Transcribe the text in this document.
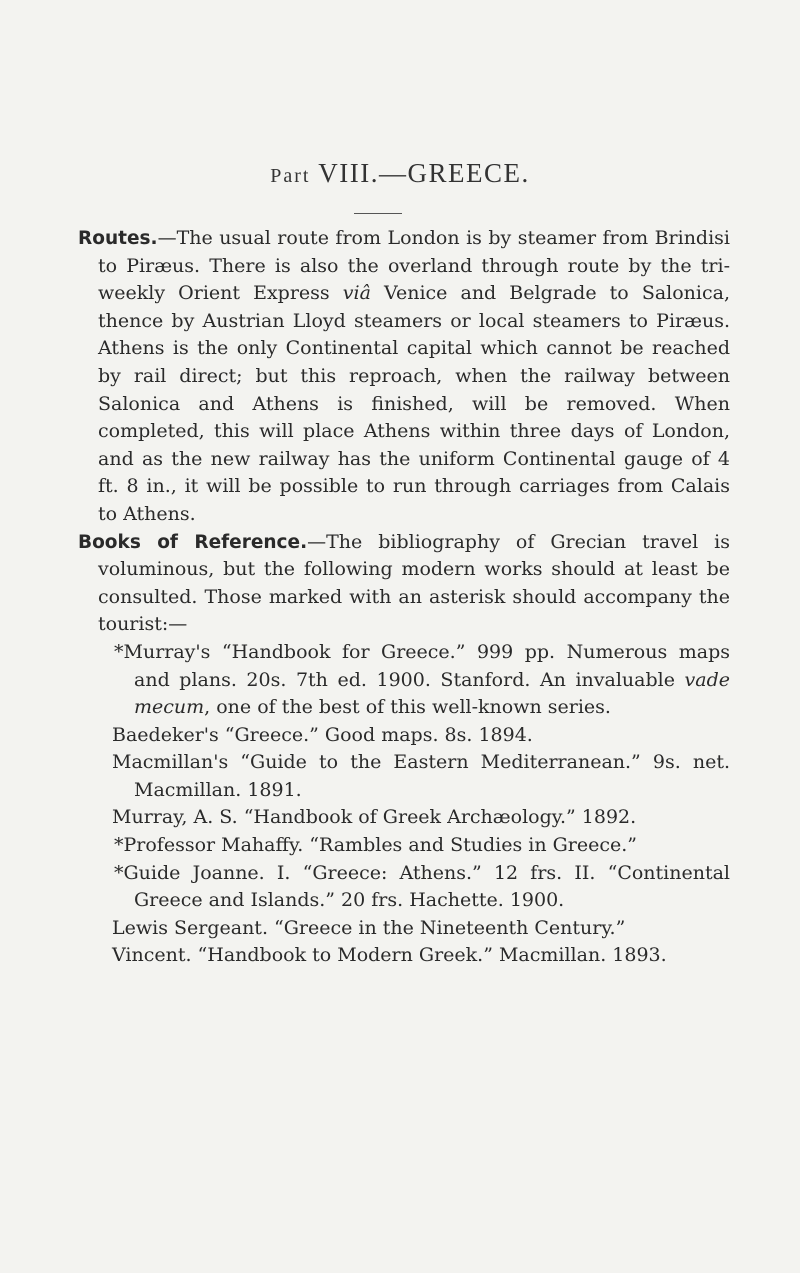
Part VIII.—GREECE.

Routes.—The usual route from London is by steamer from Brindisi to Piræus. There is also the overland through route by the tri-weekly Orient Express viâ Venice and Belgrade to Salonica, thence by Austrian Lloyd steamers or local steamers to Piræus. Athens is the only Continental capital which cannot be reached by rail direct; but this reproach, when the railway between Salonica and Athens is finished, will be removed. When completed, this will place Athens within three days of London, and as the new railway has the uniform Continental gauge of 4 ft. 8 in., it will be possible to run through carriages from Calais to Athens.

Books of Reference.—The bibliography of Grecian travel is voluminous, but the following modern works should at least be consulted. Those marked with an asterisk should accompany the tourist:—

*Murray's “Handbook for Greece.” 999 pp. Numerous maps and plans. 20s. 7th ed. 1900. Stanford. An invaluable vade mecum, one of the best of this well-known series.

Baedeker's “Greece.” Good maps. 8s. 1894.

Macmillan's “Guide to the Eastern Mediterranean.” 9s. net. Macmillan. 1891.

Murray, A. S. “Handbook of Greek Archæology.” 1892.

*Professor Mahaffy. “Rambles and Studies in Greece.”

*Guide Joanne. I. “Greece: Athens.” 12 frs. II. “Continental Greece and Islands.” 20 frs. Hachette. 1900.

Lewis Sergeant. “Greece in the Nineteenth Century.”

Vincent. “Handbook to Modern Greek.” Macmillan. 1893.
